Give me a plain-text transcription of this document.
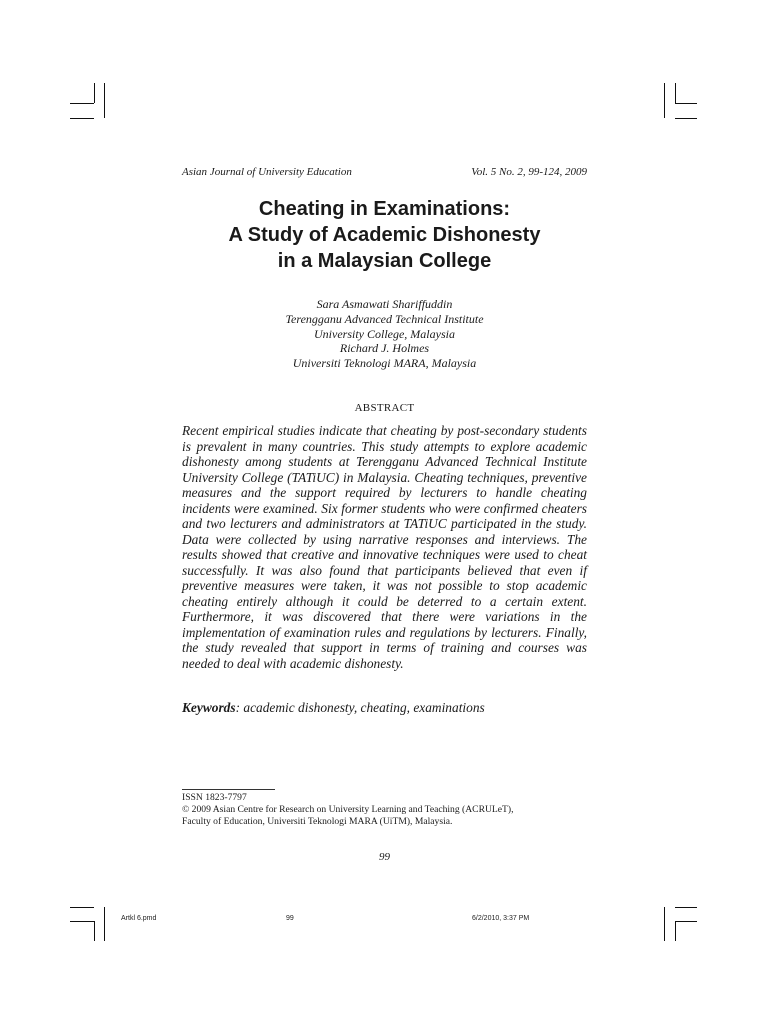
Asian Journal of University Education	Vol. 5 No. 2, 99-124, 2009
Cheating in Examinations:
A Study of Academic Dishonesty
in a Malaysian College
Sara Asmawati Shariffuddin
Terengganu Advanced Technical Institute
University College, Malaysia
Richard J. Holmes
Universiti Teknologi MARA, Malaysia
ABSTRACT
Recent empirical studies indicate that cheating by post-secondary students is prevalent in many countries. This study attempts to explore academic dishonesty among students at Terengganu Advanced Technical Institute University College (TATiUC) in Malaysia. Cheating techniques, preventive measures and the support required by lecturers to handle cheating incidents were examined. Six former students who were confirmed cheaters and two lecturers and administrators at TATiUC participated in the study. Data were collected by using narrative responses and interviews. The results showed that creative and innovative techniques were used to cheat successfully. It was also found that participants believed that even if preventive measures were taken, it was not possible to stop academic cheating entirely although it could be deterred to a certain extent. Furthermore, it was discovered that there were variations in the implementation of examination rules and regulations by lecturers. Finally, the study revealed that support in terms of training and courses was needed to deal with academic dishonesty.
Keywords: academic dishonesty, cheating, examinations
ISSN 1823-7797
© 2009 Asian Centre for Research on University Learning and Teaching (ACRULeT),
Faculty of Education, Universiti Teknologi MARA (UiTM), Malaysia.
99
Artkl 6.pmd	99	6/2/2010, 3:37 PM
